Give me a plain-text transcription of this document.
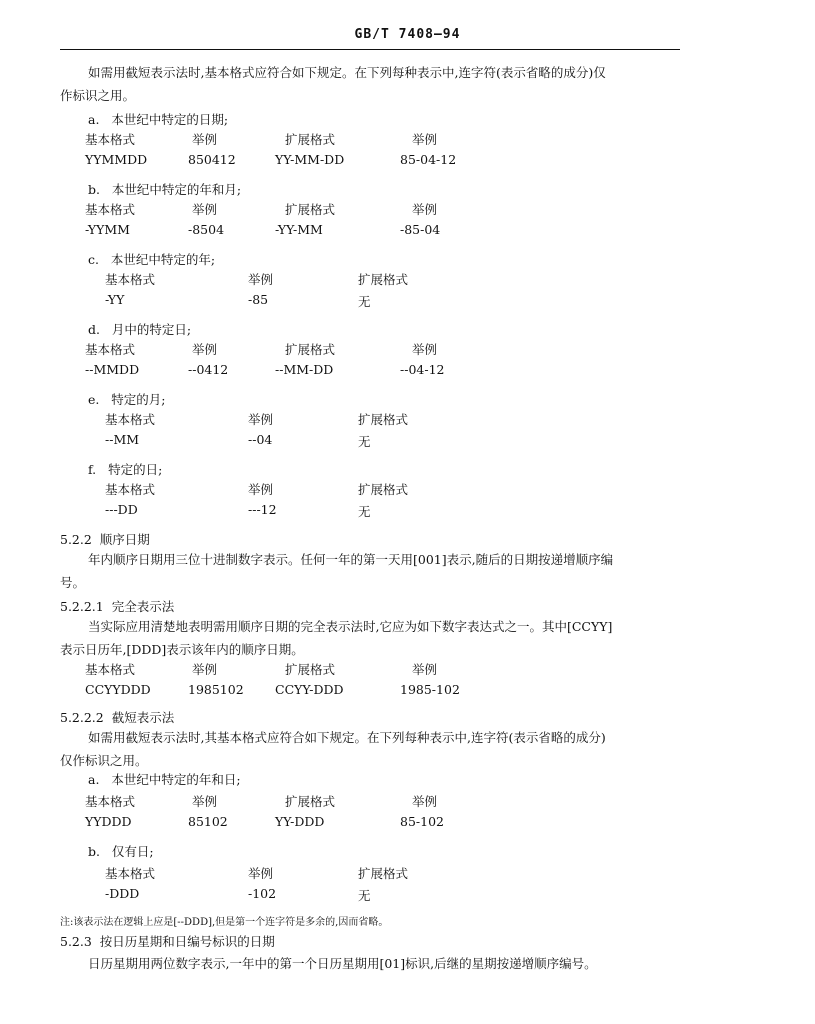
GB/T 7408—94
如需用截短表示法时,基本格式应符合如下规定。在下列每种表示中,连字符(表示省略的成分)仅
作标识之用。
a. 本世纪中特定的日期;
基本格式
YYMMDD
举例
850412
扩展格式
YY-MM-DD
举例
85-04-12
b. 本世纪中特定的年和月;
基本格式
-YYMM
举例
-8504
扩展格式
-YY-MM
举例
-85-04
c. 本世纪中特定的年;
基本格式
-YY
举例
-85
扩展格式
无
d. 月中的特定日;
基本格式
--MMDD
举例
--0412
扩展格式
--MM-DD
举例
--04-12
e. 特定的月;
基本格式
--MM
举例
--04
扩展格式
无
f. 特定的日;
基本格式
---DD
举例
---12
扩展格式
无
5.2.2 顺序日期
年内顺序日期用三位十进制数字表示。任何一年的第一天用[001]表示,随后的日期按递增顺序编
号。
5.2.2.1 完全表示法
当实际应用清楚地表明需用顺序日期的完全表示法时,它应为如下数字表达式之一。其中[CCYY]
表示日历年,[DDD]表示该年内的顺序日期。
基本格式
CCYYDDD
举例
1985102
扩展格式
CCYY-DDD
举例
1985-102
5.2.2.2 截短表示法
如需用截短表示法时,其基本格式应符合如下规定。在下列每种表示中,连字符(表示省略的成分)
仅作标识之用。
a. 本世纪中特定的年和日;
基本格式
YYDDD
举例
85102
扩展格式
YY-DDD
举例
85-102
b. 仅有日;
基本格式
-DDD
举例
-102
扩展格式
无
注:该表示法在逻辑上应是[--DDD],但是第一个连字符是多余的,因而省略。
5.2.3 按日历星期和日编号标识的日期
日历星期用两位数字表示,一年中的第一个日历星期用[01]标识,后继的星期按递增顺序编号。
